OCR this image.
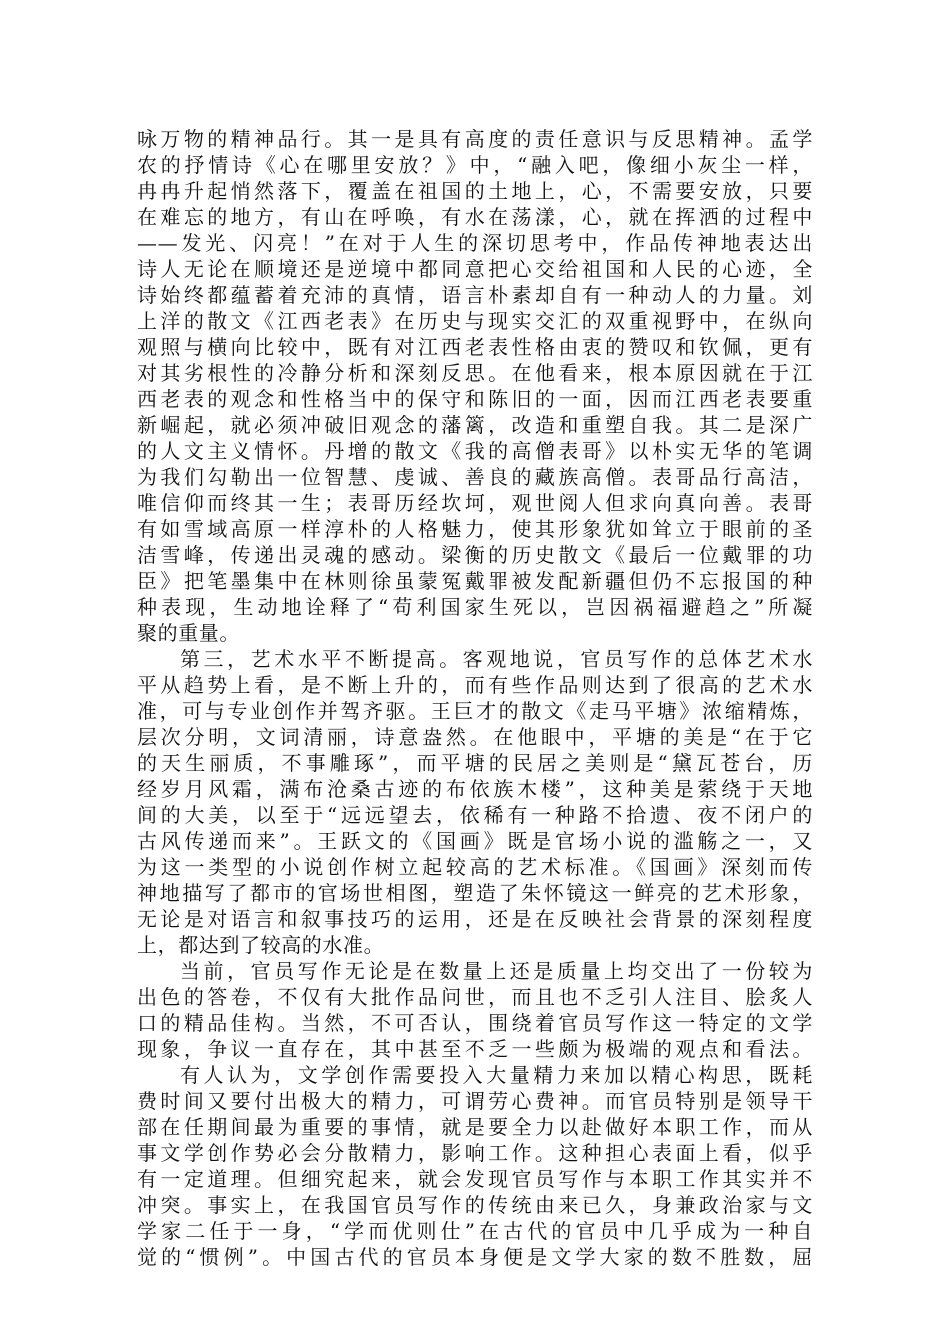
咏万物的精神品行。其一是具有高度的责任意识与反思精神。孟学
农的抒情诗《心在哪里安放？》中，“融入吧，像细小灰尘一样，
冉冉升起悄然落下，覆盖在祖国的土地上，心，不需要安放，只要
在难忘的地方，有山在呼唤，有水在荡漾，心，就在挥洒的过程中
——发光、闪亮！”在对于人生的深切思考中，作品传神地表达出
诗人无论在顺境还是逆境中都同意把心交给祖国和人民的心迹，全
诗始终都蕴蓄着充沛的真情，语言朴素却自有一种动人的力量。刘
上洋的散文《江西老表》在历史与现实交汇的双重视野中，在纵向
观照与横向比较中，既有对江西老表性格由衷的赞叹和钦佩，更有
对其劣根性的冷静分析和深刻反思。在他看来，根本原因就在于江
西老表的观念和性格当中的保守和陈旧的一面，因而江西老表要重
新崛起，就必须冲破旧观念的藩篱，改造和重塑自我。其二是深广
的人文主义情怀。丹增的散文《我的高僧表哥》以朴实无华的笔调
为我们勾勒出一位智慧、虔诚、善良的藏族高僧。表哥品行高洁，
唯信仰而终其一生；表哥历经坎坷，观世阅人但求向真向善。表哥
有如雪域高原一样淳朴的人格魅力，使其形象犹如耸立于眼前的圣
洁雪峰，传递出灵魂的感动。梁衡的历史散文《最后一位戴罪的功
臣》把笔墨集中在林则徐虽蒙冤戴罪被发配新疆但仍不忘报国的种
种表现，生动地诠释了“苟利国家生死以，岂因祸福避趋之”所凝
聚的重量。
第三，艺术水平不断提高。客观地说，官员写作的总体艺术水
平从趋势上看，是不断上升的，而有些作品则达到了很高的艺术水
准，可与专业创作并驾齐驱。王巨才的散文《走马平塘》浓缩精炼，
层次分明，文词清丽，诗意盎然。在他眼中，平塘的美是“在于它
的天生丽质，不事雕琢”，而平塘的民居之美则是“黛瓦苍台，历
经岁月风霜，满布沧桑古迹的布依族木楼”，这种美是萦绕于天地
间的大美，以至于“远远望去，依稀有一种路不拾遗、夜不闭户的
古风传递而来”。王跃文的《国画》既是官场小说的滥觞之一，又
为这一类型的小说创作树立起较高的艺术标准。《国画》深刻而传
神地描写了都市的官场世相图，塑造了朱怀镜这一鲜亮的艺术形象，
无论是对语言和叙事技巧的运用，还是在反映社会背景的深刻程度
上，都达到了较高的水准。
当前，官员写作无论是在数量上还是质量上均交出了一份较为
出色的答卷，不仅有大批作品问世，而且也不乏引人注目、脍炙人
口的精品佳构。当然，不可否认，围绕着官员写作这一特定的文学
现象，争议一直存在，其中甚至不乏一些颇为极端的观点和看法。
有人认为，文学创作需要投入大量精力来加以精心构思，既耗
费时间又要付出极大的精力，可谓劳心费神。而官员特别是领导干
部在任期间最为重要的事情，就是要全力以赴做好本职工作，而从
事文学创作势必会分散精力，影响工作。这种担心表面上看，似乎
有一定道理。但细究起来，就会发现官员写作与本职工作其实并不
冲突。事实上，在我国官员写作的传统由来已久，身兼政治家与文
学家二任于一身，“学而优则仕”在古代的官员中几乎成为一种自
觉的“惯例”。中国古代的官员本身便是文学大家的数不胜数，屈
